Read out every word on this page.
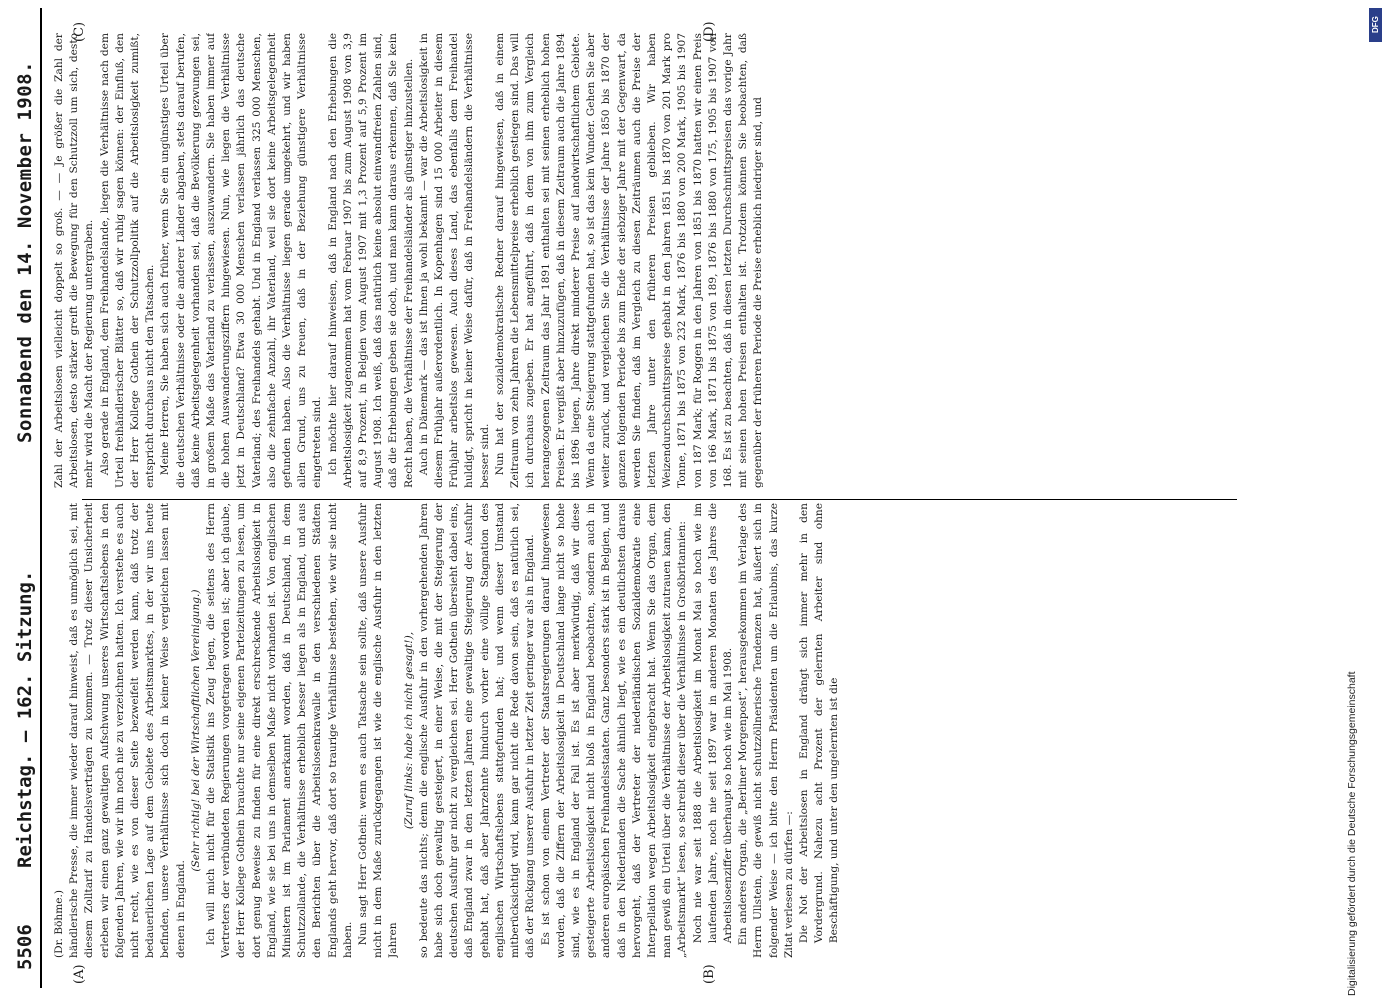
5506
Reichstag. — 162. Sitzung.
Sonnabend den 14. November 1908.
(A)	(B)
(C)	(D)

(Dr. Böhme.) händlerische Presse, die immer wieder darauf hinweist, daß es unmöglich sei, mit diesem Zolltarif zu Handelsverträgen zu kommen. — Trotz dieser Unsicherheit erleben wir einen ganz gewaltigen Aufschwung unseres Wirtschaftslebens in den folgenden Jahren, wie wir ihn noch nie zu verzeichnen hatten. Ich verstehe es auch nicht recht, wie es von dieser Seite bezweifelt werden kann, daß trotz der bedauerlichen Lage auf dem Gebiete des Arbeitsmarktes, in der wir uns heute befinden, unsere Verhältnisse sich doch in keiner Weise vergleichen lassen mit denen in England.

(Sehr richtig! bei der Wirtschaftlichen Vereinigung.) Ich will mich nicht für die Statistik ins Zeug legen, die seitens des Herrn Vertreters der verbündeten Regierungen vorgetragen worden ist; aber ich glaube, der Herr Kollege Gothein brauchte nur seine eigenen Parteizeitungen zu lesen, um dort genug Beweise zu finden für eine direkt erschreckende Arbeitslosigkeit in England, wie sie bei uns in demselben Maße nicht vorhanden ist. Von englischen Ministern ist im Parlament anerkannt worden, daß in Deutschland, in dem Schutzzollande, die Verhältnisse erheblich besser liegen als in England, und aus den Berichten über die Arbeitslosenkrawalle in den verschiedenen Städten Englands geht hervor, daß dort so traurige Verhältnisse bestehen, wie wir sie nicht haben. Nun sagt Herr Gothein: wenn es auch Tatsache sein sollte, daß unsere Ausfuhr nicht in dem Maße zurückgegangen ist wie die englische Ausfuhr in den letzten Jahren

(Zuruf links: habe ich nicht gesagt!), so bedeute das nichts; denn die englische Ausfuhr in den vorhergehenden Jahren habe sich doch gewaltig gesteigert, in einer Weise, die mit der Steigerung der deutschen Ausfuhr gar nicht zu vergleichen sei. Herr Gothein übersieht dabei eins, daß England zwar in den letzten Jahren eine gewaltige Steigerung der Ausfuhr gehabt hat, daß aber Jahrzehnte hindurch vorher eine völlige Stagnation des englischen Wirtschaftslebens stattgefunden hat; und wenn dieser Umstand mitberücksichtigt wird, kann gar nicht die Rede davon sein, daß es natürlich sei, daß der Rückgang unserer Ausfuhr in letzter Zeit geringer war als in England. Es ist schon von einem Vertreter der Staatsregierungen darauf hingewiesen worden, daß die Ziffern der Arbeitslosigkeit in Deutschland lange nicht so hohe sind, wie es in England der Fall ist. Es ist aber merkwürdig, daß wir diese gesteigerte Arbeitslosigkeit nicht bloß in England beobachten, sondern auch in anderen europäischen Freihandelsstaaten. Ganz besonders stark ist in Belgien, und daß in den Niederlanden die Sache ähnlich liegt, wie es ein deutlichsten daraus hervorgeht, daß der Vertreter der niederländischen Sozialdemokratie eine Interpellation wegen Arbeitslosigkeit eingebracht hat. Wenn Sie das Organ, dem man gewiß ein Urteil über die Verhältnisse der Arbeitslosigkeit zutrauen kann, den „Arbeitsmarkt“ lesen, so schreibt dieser über die Verhältnisse in Großbritannien: Noch nie war seit 1888 die Arbeitslosigkeit im Monat Mai so hoch wie im laufenden Jahre, noch nie seit 1897 war in anderen Monaten des Jahres die Arbeitslosenziffer überhaupt so hoch wie im Mai 1908. Ein anderes Organ, die „Berliner Morgenpost“, herausgekommen im Verlage des Herrn Ullstein, die gewiß nicht schutzzöllnerische Tendenzen hat, äußert sich in folgender Weise — ich bitte den Herrn Präsidenten um die Erlaubnis, das kurze Zitat verlesen zu dürfen —: Die Not der Arbeitslosen in England drängt sich immer mehr in den Vordergrund. Nahezu acht Prozent der gelernten Arbeiter sind ohne Beschäftigung, und unter den ungelernten ist die

Zahl der Arbeitslosen vielleicht doppelt so groß. — — Je größer die Zahl der Arbeitslosen, desto stärker greift die Bewegung für den Schutzzoll um sich, desto mehr wird die Macht der Regierung untergraben. Also gerade in England, dem Freihandelslande, liegen die Verhältnisse nach dem Urteil freihändlerischer Blätter so, daß wir ruhig sagen können: der Einfluß, den der Herr Kollege Gothein der Schutzzollpolitik auf die Arbeitslosigkeit zumißt, entspricht durchaus nicht den Tatsachen. Meine Herren, Sie haben sich auch früher, wenn Sie ein ungünstiges Urteil über die deutschen Verhältnisse oder die anderer Länder abgaben, stets darauf berufen, daß keine Arbeitsgelegenheit vorhanden sei, daß die Bevölkerung gezwungen sei, in großem Maße das Vaterland zu verlassen, auszuwandern. Sie haben immer auf die hohen Auswanderungsziffern hingewiesen. Nun, wie liegen die Verhältnisse jetzt in Deutschland? Etwa 30 000 Menschen verlassen jährlich das deutsche Vaterland; des Freihandels gehabt. Und in England verlassen 325 000 Menschen, also die zehnfache Anzahl, ihr Vaterland, weil sie dort keine Arbeitsgelegenheit gefunden haben. Also die Verhältnisse liegen gerade umgekehrt, und wir haben allen Grund, uns zu freuen, daß in der Beziehung günstigere Verhältnisse eingetreten sind. Ich möchte hier darauf hinweisen, daß in England nach den Erhebungen die Arbeitslosigkeit zugenommen hat vom Februar 1907 bis zum August 1908 von 3,9 auf 8,9 Prozent, in Belgien vom August 1907 mit 1,3 Prozent auf 5,9 Prozent im August 1908. Ich weiß, daß das natürlich keine absolut einwandfreien Zahlen sind, daß die Erhebungen geben sie doch, und man kann daraus erkennen, daß Sie kein Recht haben, die Verhältnisse der Freihandelsländer als günstiger hinzustellen. Auch in Dänemark — das ist Ihnen ja wohl bekannt — war die Arbeitslosigkeit in diesem Frühjahr außerordentlich. In Kopenhagen sind 15 000 Arbeiter in diesem Frühjahr arbeitslos gewesen. Auch dieses Land, das ebenfalls dem Freihandel huldigt, spricht in keiner Weise dafür, daß in Freihandelsländern die Verhältnisse besser sind. Nun hat der sozialdemokratische Redner darauf hingewiesen, daß in einem Zeitraum von zehn Jahren die Lebensmittelpreise erheblich gestiegen sind. Das will ich durchaus zugeben. Er hat angeführt, daß in dem von ihm zum Vergleich herangezogenen Zeitraum das Jahr 1891 enthalten sei mit seinen erheblich hohen Preisen. Er vergißt aber hinzuzufügen, daß in diesem Zeitraum auch die Jahre 1894 bis 1896 liegen, Jahre direkt minderer Preise auf landwirtschaftlichem Gebiete. Wenn da eine Steigerung stattgefunden hat, so ist das kein Wunder. Gehen Sie aber weiter zurück, und vergleichen Sie die Verhältnisse der Jahre 1850 bis 1870 der ganzen folgenden Periode bis zum Ende der siebziger Jahre mit der Gegenwart, da werden Sie finden, daß im Vergleich zu diesen Zeiträumen auch die Preise der letzten Jahre unter den früheren Preisen geblieben. Wir haben Weizendurchschnittspreise gehabt in den Jahren 1851 bis 1870 von 201 Mark pro Tonne, 1871 bis 1875 von 232 Mark, 1876 bis 1880 von 200 Mark, 1905 bis 1907 von 187 Mark; für Roggen in den Jahren von 1851 bis 1870 hatten wir einen Preis von 166 Mark, 1871 bis 1875 von 189, 1876 bis 1880 von 175, 1905 bis 1907 von 168. Es ist zu beachten, daß in diesen letzten Durchschnittspreisen das vorige Jahr mit seinen hohen Preisen enthalten ist. Trotzdem können Sie beobachten, daß gegenüber der früheren Periode die Preise erheblich niedriger sind, und

Digitalisierung gefördert durch die Deutsche Forschungsgemeinschaft
DFG
